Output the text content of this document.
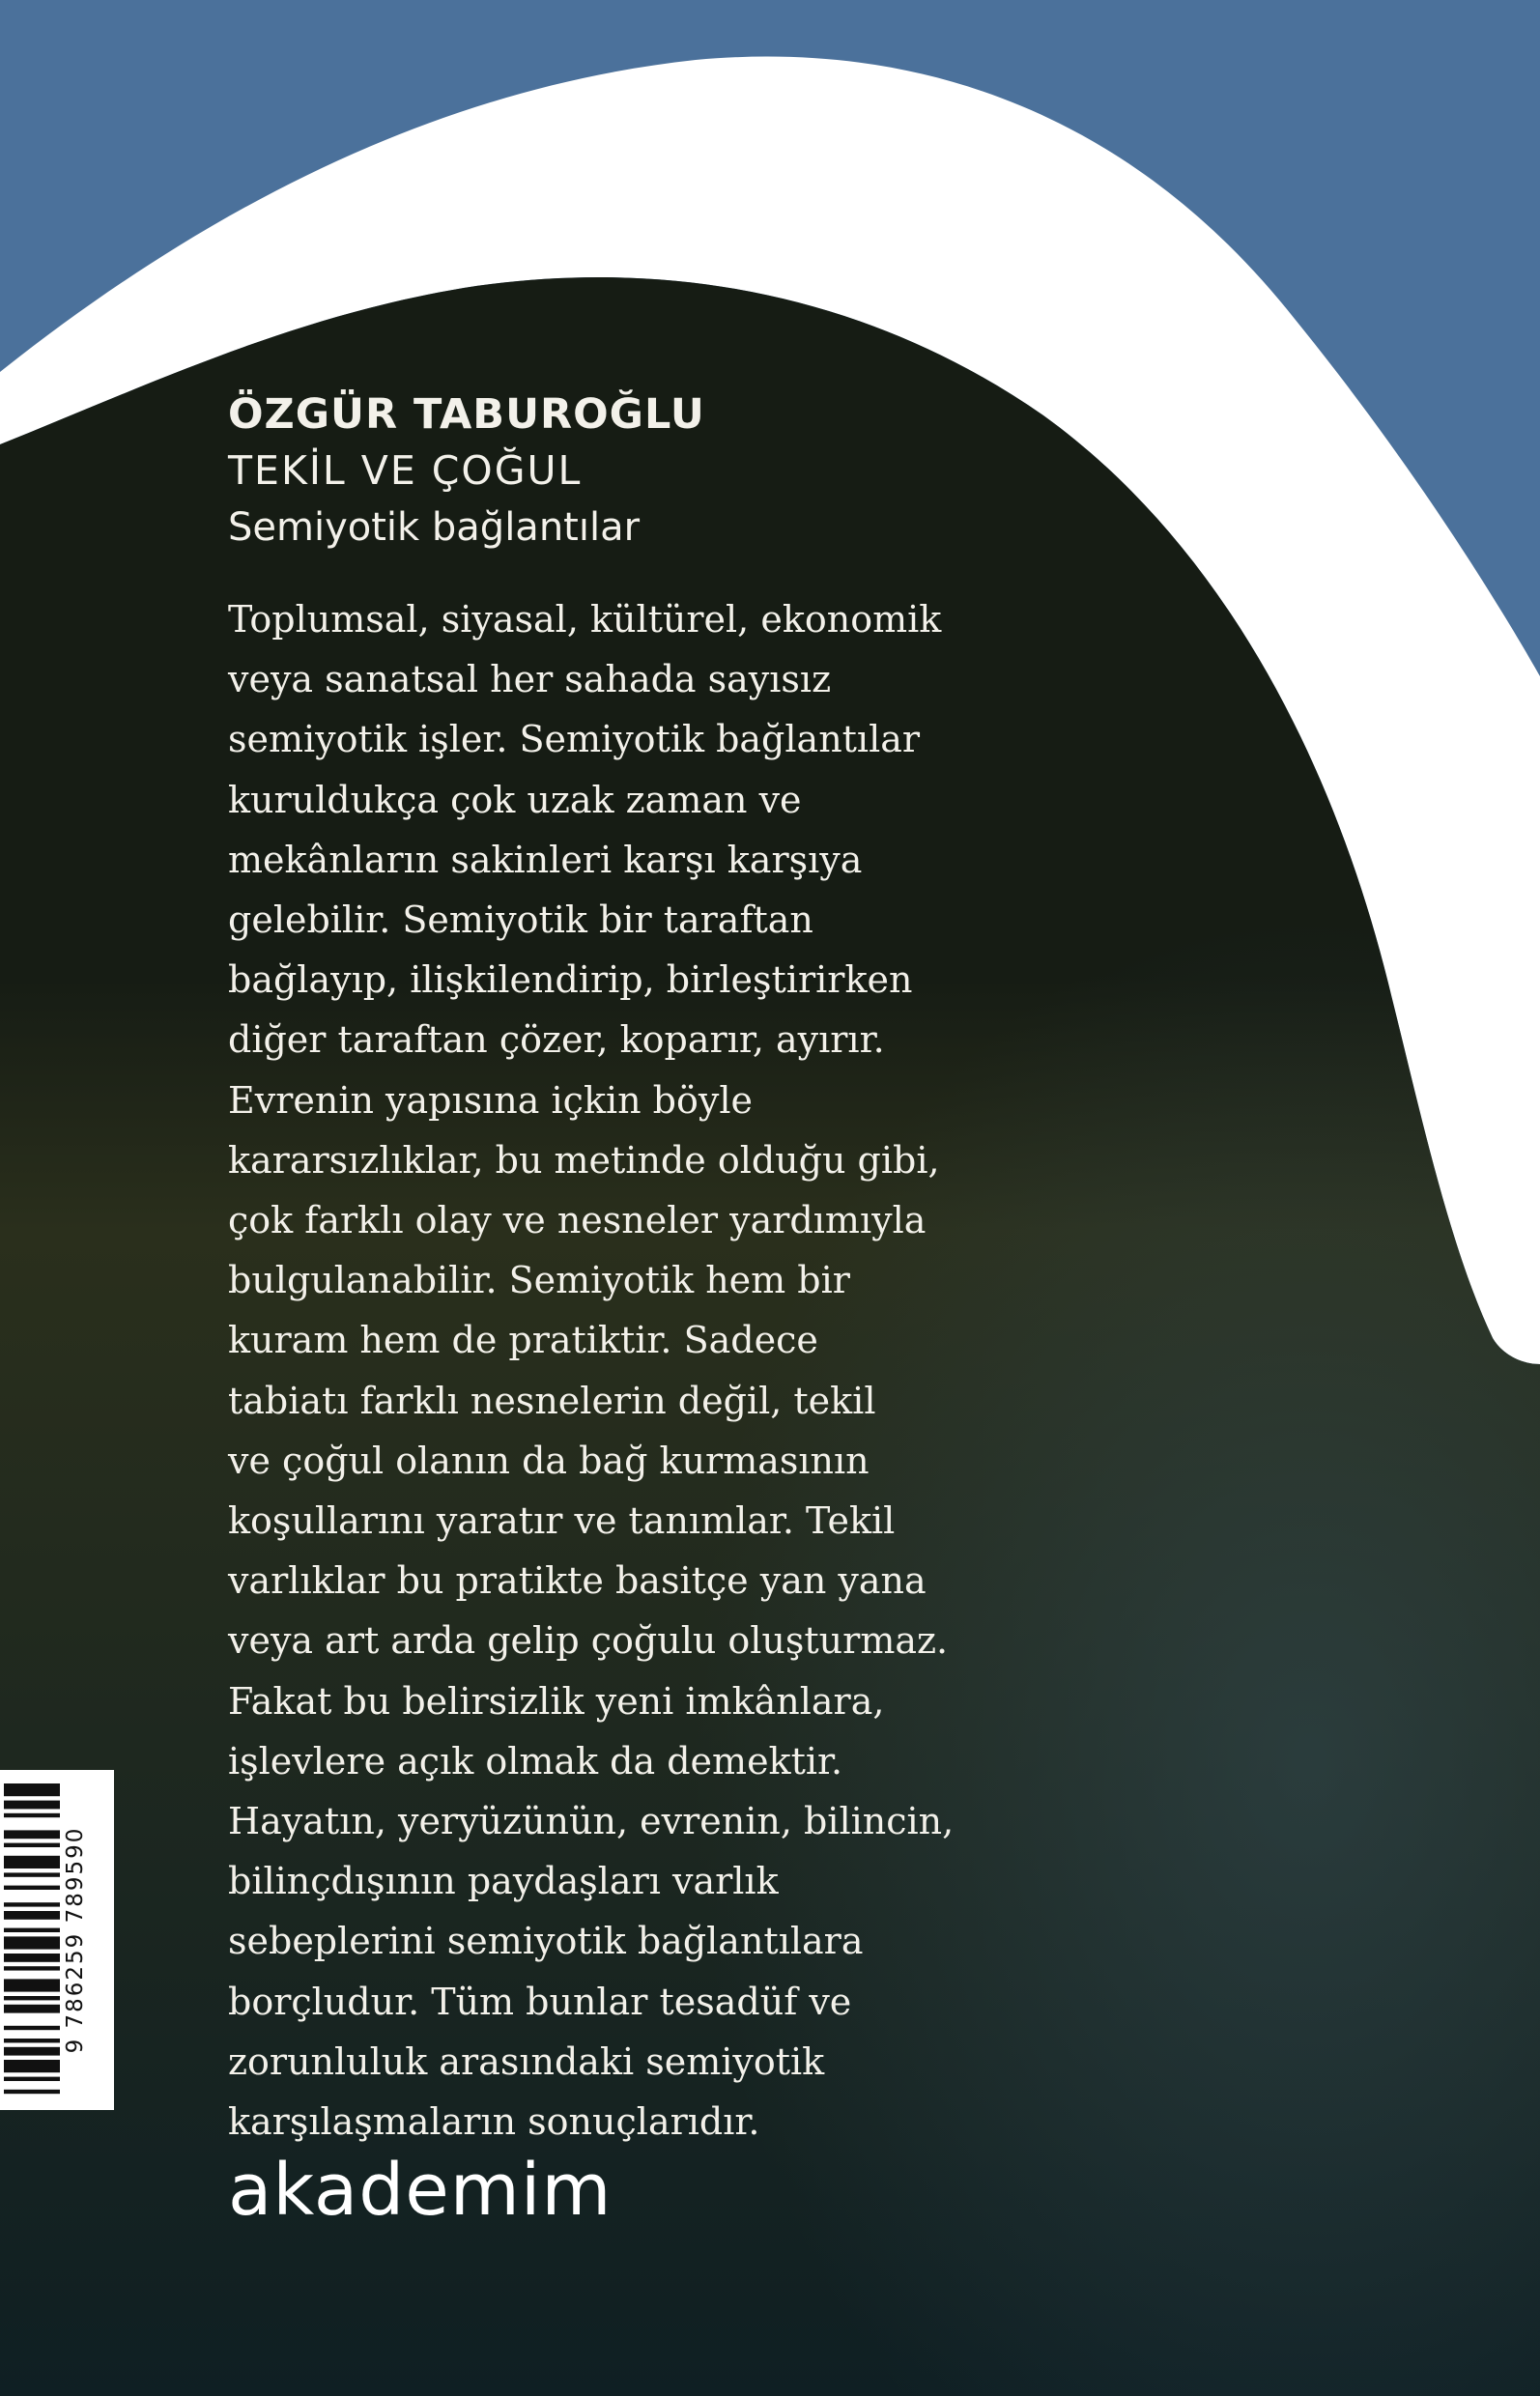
ÖZGÜR TABUROĞLU

TEKİL VE ÇOĞUL

Semiyotik bağlantılar

Toplumsal, siyasal, kültürel, ekonomik
veya sanatsal her sahada sayısız
semiyotik işler. Semiyotik bağlantılar
kuruldukça çok uzak zaman ve
mekânların sakinleri karşı karşıya
gelebilir. Semiyotik bir taraftan
bağlayıp, ilişkilendirip, birleştirirken
diğer taraftan çözer, koparır, ayırır.
Evrenin yapısına içkin böyle
kararsızlıklar, bu metinde olduğu gibi,
çok farklı olay ve nesneler yardımıyla
bulgulanabilir. Semiyotik hem bir
kuram hem de pratiktir. Sadece
tabiatı farklı nesnelerin değil, tekil
ve çoğul olanın da bağ kurmasının
koşullarını yaratır ve tanımlar. Tekil
varlıklar bu pratikte basitçe yan yana
veya art arda gelip çoğulu oluşturmaz.
Fakat bu belirsizlik yeni imkânlara,
işlevlere açık olmak da demektir.
Hayatın, yeryüzünün, evrenin, bilincin,
bilinçdışının paydaşları varlık
sebeplerini semiyotik bağlantılara
borçludur. Tüm bunlar tesadüf ve
zorunluluk arasındaki semiyotik
karşılaşmaların sonuçlarıdır.
akademim
9 786259 789590
